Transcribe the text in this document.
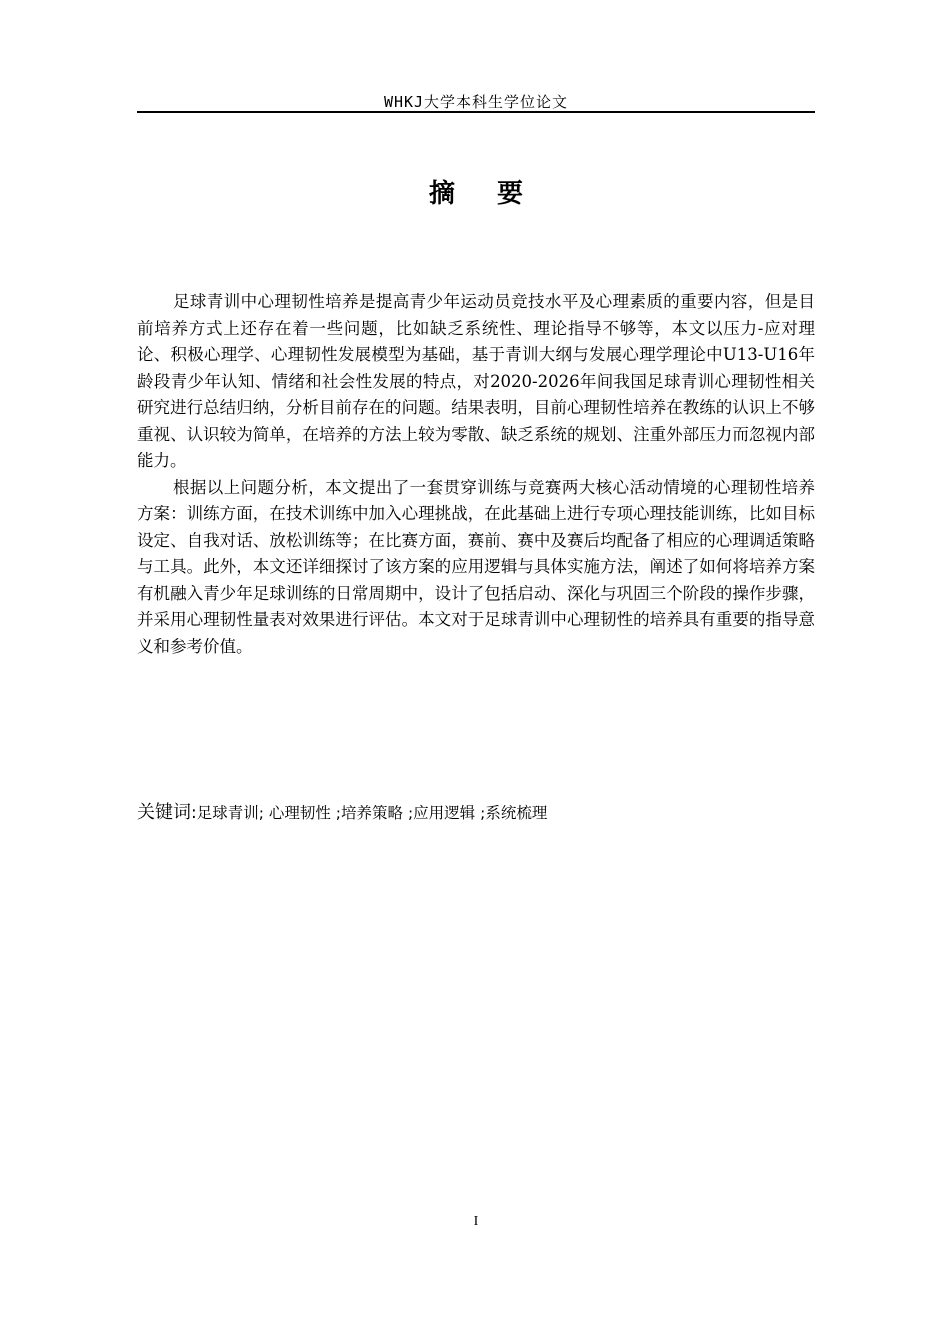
WHKJ大学本科生学位论文
摘要

足球青训中心理韧性培养是提高青少年运动员竞技水平及心理素质的重要内容，但是目前培养方式上还存在着一些问题，比如缺乏系统性、理论指导不够等，本文以压力-应对理论、积极心理学、心理韧性发展模型为基础，基于青训大纲与发展心理学理论中U13-U16年龄段青少年认知、情绪和社会性发展的特点，对2020-2026年间我国足球青训心理韧性相关研究进行总结归纳，分析目前存在的问题。结果表明，目前心理韧性培养在教练的认识上不够重视、认识较为简单，在培养的方法上较为零散、缺乏系统的规划、注重外部压力而忽视内部能力。

根据以上问题分析，本文提出了一套贯穿训练与竞赛两大核心活动情境的心理韧性培养方案：训练方面，在技术训练中加入心理挑战，在此基础上进行专项心理技能训练，比如目标设定、自我对话、放松训练等；在比赛方面，赛前、赛中及赛后均配备了相应的心理调适策略与工具。此外，本文还详细探讨了该方案的应用逻辑与具体实施方法，阐述了如何将培养方案有机融入青少年足球训练的日常周期中，设计了包括启动、深化与巩固三个阶段的操作步骤，并采用心理韧性量表对效果进行评估。本文对于足球青训中心理韧性的培养具有重要的指导意义和参考价值。

关键词:足球青训; 心理韧性 ;培养策略 ;应用逻辑 ;系统梳理
I
